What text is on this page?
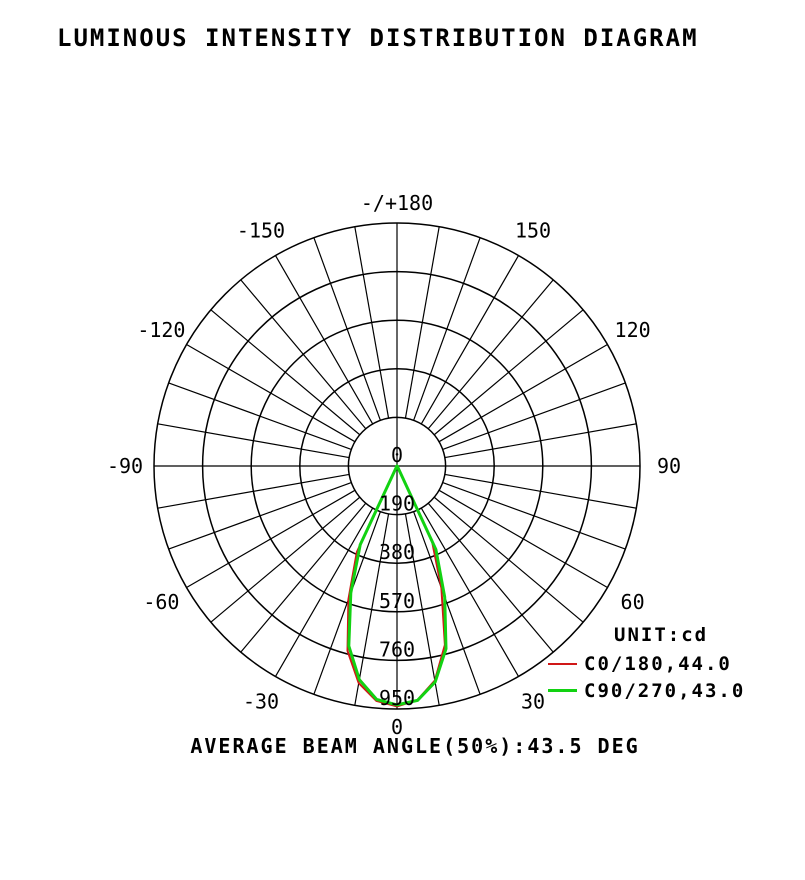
LUMINOUS INTENSITY DISTRIBUTION DIAGRAM
0
190
380
570
760
950
0
30
60
90
120
150
-/+180
-150
-120
-90
-60
-30
UNIT:cd
C0/180,44.0
C90/270,43.0
AVERAGE BEAM ANGLE(50%):43.5 DEG
